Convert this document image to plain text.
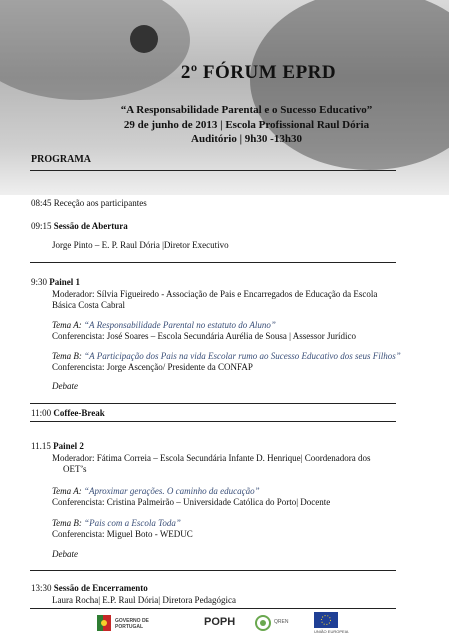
2º FÓRUM EPRD
“A Responsabilidade Parental e o Sucesso Educativo”
29 de junho de 2013 | Escola Profissional Raul Dória
Auditório | 9h30 -13h30
PROGRAMA
08:45 Receção aos participantes
09:15 Sessão de Abertura
Jorge Pinto – E. P. Raul Dória |Diretor Executivo
9:30 Painel 1
Moderador: Sílvia Figueiredo - Associação de Pais e Encarregados de Educação da Escola
Básica Costa Cabral
Tema A: “A Responsabilidade Parental no estatuto do Aluno”
Conferencista: José Soares – Escola Secundária Aurélia de Sousa | Assessor Jurídico
Tema B: “A Participação dos Pais na vida Escolar rumo ao Sucesso Educativo dos seus Filhos”
Conferencista: Jorge Ascenção/ Presidente da CONFAP
Debate
11:00 Coffee-Break
11.15 Painel 2
Moderador: Fátima Correia – Escola Secundária Infante D. Henrique| Coordenadora dos
OET’s
Tema A: “Aproximar gerações. O caminho da educação”
Conferencista: Cristina Palmeirão – Universidade Católica do Porto| Docente
Tema B: “Pais com a Escola Toda”
Conferencista: Miguel Boto - WEDUC
Debate
13:30 Sessão de Encerramento
Laura Rocha| E.P. Raul Dória| Diretora Pedagógica
GOVERNO DE PORTUGAL	POPH	QREN
UNIÃO EUROPEIA
